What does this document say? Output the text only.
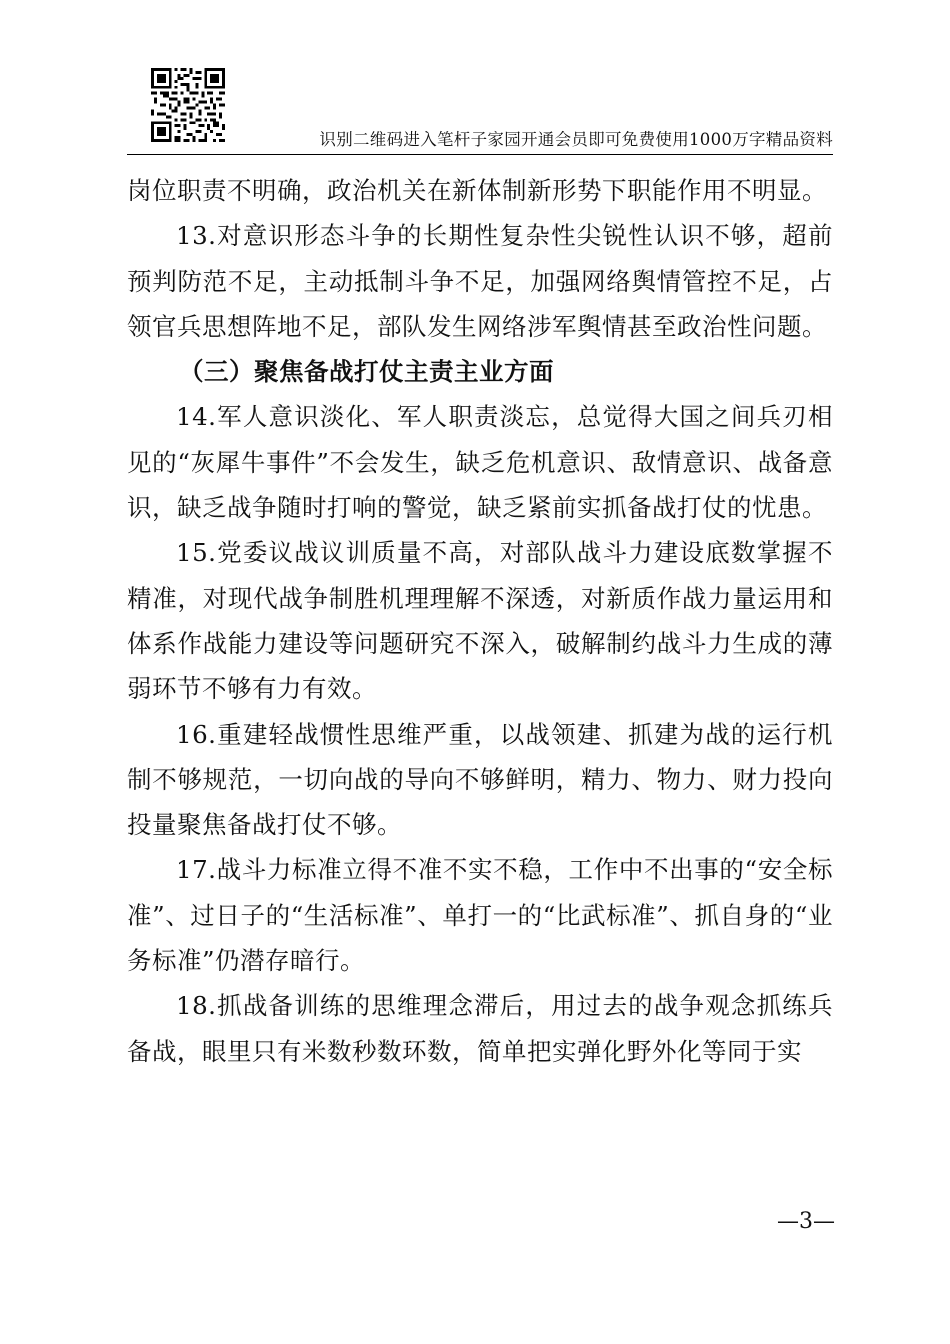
识别二维码进入笔杆子家园开通会员即可免费使用1000万字精品资料

岗位职责不明确，政治机关在新体制新形势下职能作用不明显。

13.对意识形态斗争的长期性复杂性尖锐性认识不够，超前预判防范不足，主动抵制斗争不足，加强网络舆情管控不足，占领官兵思想阵地不足，部队发生网络涉军舆情甚至政治性问题。

（三）聚焦备战打仗主责主业方面

14.军人意识淡化、军人职责淡忘，总觉得大国之间兵刃相见的“灰犀牛事件”不会发生，缺乏危机意识、敌情意识、战备意识，缺乏战争随时打响的警觉，缺乏紧前实抓备战打仗的忧患。

15.党委议战议训质量不高，对部队战斗力建设底数掌握不精准，对现代战争制胜机理理解不深透，对新质作战力量运用和体系作战能力建设等问题研究不深入，破解制约战斗力生成的薄弱环节不够有力有效。

16.重建轻战惯性思维严重，以战领建、抓建为战的运行机制不够规范，一切向战的导向不够鲜明，精力、物力、财力投向投量聚焦备战打仗不够。

17.战斗力标准立得不准不实不稳，工作中不出事的“安全标准”、过日子的“生活标准”、单打一的“比武标准”、抓自身的“业务标准”仍潜存暗行。

18.抓战备训练的思维理念滞后，用过去的战争观念抓练兵备战，眼里只有米数秒数环数，简单把实弹化野外化等同于实

—3—
